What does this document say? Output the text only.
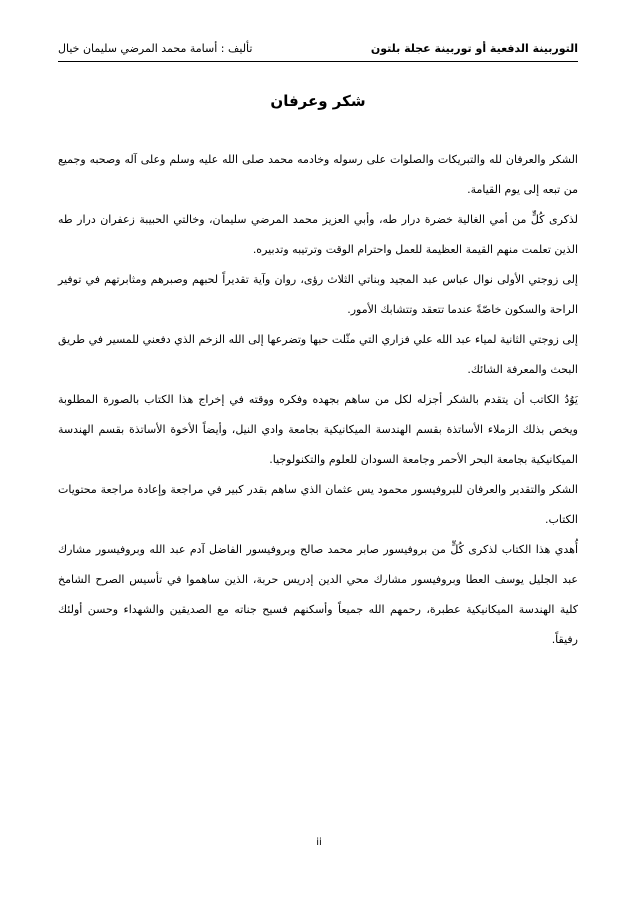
التوربينة الدفعية أو توربينة عجلة بلتون
تأليف : أسامة محمد المرضي سليمان خيال
شكر وعرفان

الشكر والعرفان لله والتبريكات والصلوات على رسوله وخادمه محمد صلى الله عليه وسلم وعلى آله وصحبه وجميع من تبعه إلى يوم القيامة.

لذكرى كُلٍّ من أمي الغالية خضرة درار طه، وأبي العزيز محمد المرضي سليمان، وخالتي الحبيبة زعفران درار طه الذين تعلمت منهم القيمة العظيمة للعمل واحترام الوقت وترتيبه وتدبيره.

إلى زوجتي الأولى نوال عباس عبد المجيد وبناتي الثلاث رؤى، روان وآية تقديراً لحبهم وصبرهم ومثابرتهم في توفير الراحة والسكون خاصّةً عندما تتعقد وتتشابك الأمور.

إلى زوجتي الثانية لمياء عبد الله علي فزاري التي مثّلت حبها وتضرعها إلى الله الزخم الذي دفعني للمسير في طريق البحث والمعرفة الشائك.

يَوُدُ الكاتب أن يتقدم بالشكر أجزله لكل من ساهم بجهده وفكره ووقته في إخراج هذا الكتاب بالصورة المطلوبة ويخص بذلك الزملاء الأساتذة بقسم الهندسة الميكانيكية بجامعة وادي النيل، وأيضاً الأخوة الأساتذة بقسم الهندسة الميكانيكية بجامعة البحر الأحمر وجامعة السودان للعلوم والتكنولوجيا.

الشكر والتقدير والعرفان للبروفيسور محمود يس عثمان الذي ساهم بقدر كبير في مراجعة وإعادة مراجعة محتويات الكتاب.

أُهدي هذا الكتاب لذكرى كُلٍّ من بروفيسور صابر محمد صالح وبروفيسور الفاضل آدم عبد الله وبروفيسور مشارك عبد الجليل يوسف العطا وبروفيسور مشارك محي الدين إدريس حربة، الذين ساهموا في تأسيس الصرح الشامخ كلية الهندسة الميكانيكية عطبرة، رحمهم الله جميعاً وأسكنهم فسيح جناته مع الصديقين والشهداء وحسن أولئك رفيقاً.

ii
